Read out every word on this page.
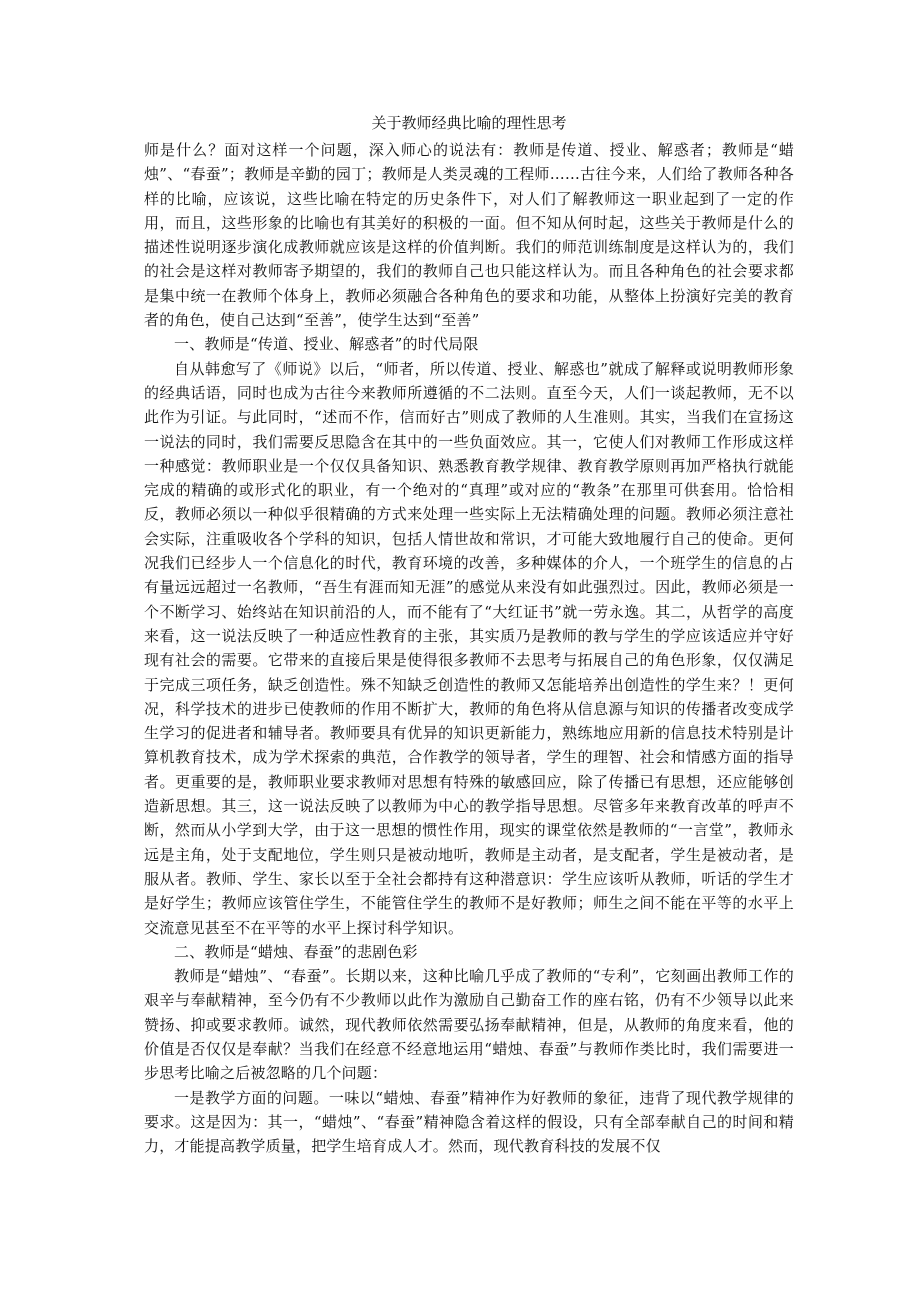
关于教师经典比喻的理性思考

师是什么？面对这样一个问题，深入师心的说法有：教师是传道、授业、解惑者；教师是“蜡烛”、“春蚕”；教师是辛勤的园丁；教师是人类灵魂的工程师……古往今来，人们给了教师各种各样的比喻，应该说，这些比喻在特定的历史条件下，对人们了解教师这一职业起到了一定的作用，而且，这些形象的比喻也有其美好的积极的一面。但不知从何时起，这些关于教师是什么的描述性说明逐步演化成教师就应该是这样的价值判断。我们的师范训练制度是这样认为的，我们的社会是这样对教师寄予期望的，我们的教师自己也只能这样认为。而且各种角色的社会要求都是集中统一在教师个体身上，教师必须融合各种角色的要求和功能，从整体上扮演好完美的教育者的角色，使自己达到“至善”，使学生达到“至善”

一、教师是“传道、授业、解惑者”的时代局限

自从韩愈写了《师说》以后，“师者，所以传道、授业、解惑也”就成了解释或说明教师形象的经典话语，同时也成为古往今来教师所遵循的不二法则。直至今天，人们一谈起教师，无不以此作为引证。与此同时，“述而不作，信而好古”则成了教师的人生准则。其实，当我们在宣扬这一说法的同时，我们需要反思隐含在其中的一些负面效应。其一，它使人们对教师工作形成这样一种感觉：教师职业是一个仅仅具备知识、熟悉教育教学规律、教育教学原则再加严格执行就能完成的精确的或形式化的职业，有一个绝对的“真理”或对应的“教条”在那里可供套用。恰恰相反，教师必须以一种似乎很精确的方式来处理一些实际上无法精确处理的问题。教师必须注意社会实际，注重吸收各个学科的知识，包括人情世故和常识，才可能大致地履行自己的使命。更何况我们已经步人一个信息化的时代，教育环境的改善，多种媒体的介人，一个班学生的信息的占有量远远超过一名教师，“吾生有涯而知无涯”的感觉从来没有如此强烈过。因此，教师必须是一个不断学习、始终站在知识前沿的人，而不能有了“大红证书”就一劳永逸。其二，从哲学的高度来看，这一说法反映了一种适应性教育的主张，其实质乃是教师的教与学生的学应该适应并守好现有社会的需要。它带来的直接后果是使得很多教师不去思考与拓展自己的角色形象，仅仅满足于完成三项任务，缺乏创造性。殊不知缺乏创造性的教师又怎能培养出创造性的学生来？！更何况，科学技术的进步已使教师的作用不断扩大，教师的角色将从信息源与知识的传播者改变成学生学习的促进者和辅导者。教师要具有优异的知识更新能力，熟练地应用新的信息技术特别是计算机教育技术，成为学术探索的典范，合作教学的领导者，学生的理智、社会和情感方面的指导者。更重要的是，教师职业要求教师对思想有特殊的敏感回应，除了传播已有思想，还应能够创造新思想。其三，这一说法反映了以教师为中心的教学指导思想。尽管多年来教育改革的呼声不断，然而从小学到大学，由于这一思想的惯性作用，现实的课堂依然是教师的“一言堂”，教师永远是主角，处于支配地位，学生则只是被动地听，教师是主动者，是支配者，学生是被动者，是服从者。教师、学生、家长以至于全社会都持有这种潜意识：学生应该听从教师，听话的学生才是好学生；教师应该管住学生，不能管住学生的教师不是好教师；师生之间不能在平等的水平上交流意见甚至不在平等的水平上探讨科学知识。

二、教师是“蜡烛、春蚕”的悲剧色彩

教师是“蜡烛”、“春蚕”。长期以来，这种比喻几乎成了教师的“专利”，它刻画出教师工作的艰辛与奉献精神，至今仍有不少教师以此作为激励自己勤奋工作的座右铭，仍有不少领导以此来赞扬、抑或要求教师。诚然，现代教师依然需要弘扬奉献精神，但是，从教师的角度来看，他的价值是否仅仅是奉献？当我们在经意不经意地运用“蜡烛、春蚕”与教师作类比时，我们需要进一步思考比喻之后被忽略的几个问题：

一是教学方面的问题。一味以“蜡烛、春蚕”精神作为好教师的象征，违背了现代教学规律的要求。这是因为：其一，“蜡烛”、“春蚕”精神隐含着这样的假设，只有全部奉献自己的时间和精力，才能提高教学质量，把学生培育成人才。然而，现代教育科技的发展不仅
